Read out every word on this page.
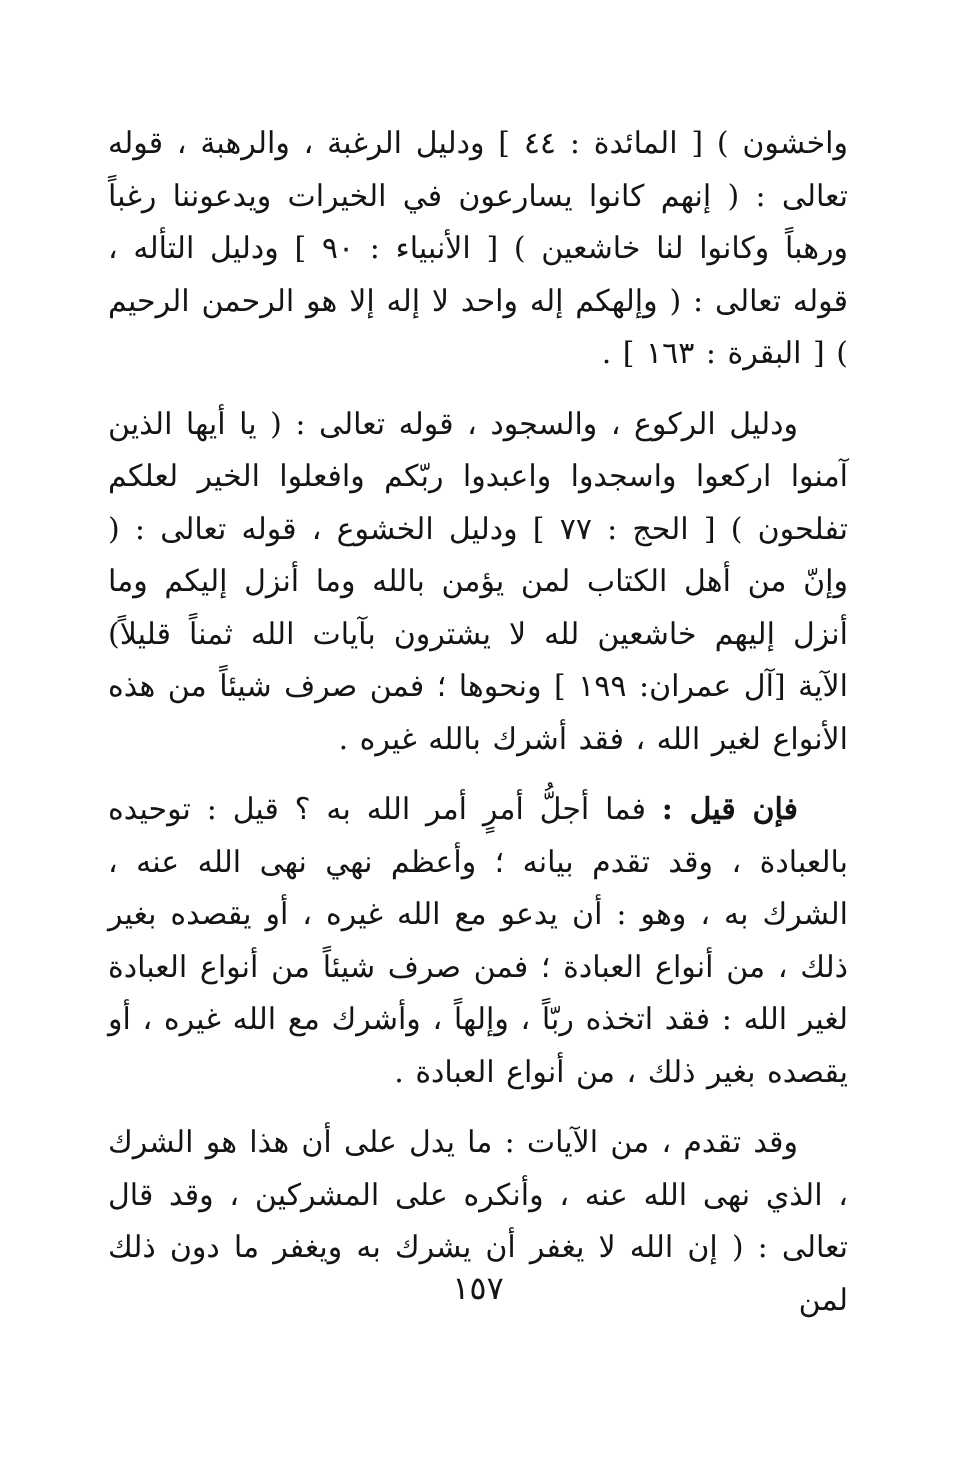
واخشون ) [ المائدة : ٤٤ ] ودليل الرغبة ، والرهبة ، قوله تعالى : ( إنهم كانوا يسارعون في الخيرات ويدعوننا رغباً ورهباً وكانوا لنا خاشعين ) [ الأنبياء : ٩٠ ] ودليل التأله ، قوله تعالى : ( وإلهكم إله واحد لا إله إلا هو الرحمن الرحيم ) [ البقرة : ١٦٣ ] .

ودليل الركوع ، والسجود ، قوله تعالى : ( يا أيها الذين آمنوا اركعوا واسجدوا واعبدوا ربّكم وافعلوا الخير لعلكم تفلحون ) [ الحج : ٧٧ ] ودليل الخشوع ، قوله تعالى : ( وإنّ من أهل الكتاب لمن يؤمن بالله وما أنزل إليكم وما أنزل إليهم خاشعين لله لا يشترون بآيات الله ثمناً قليلاً) الآية [آل عمران: ١٩٩ ] ونحوها ؛ فمن صرف شيئاً من هذه الأنواع لغير الله ، فقد أشرك بالله غيره .

فإن قيل : فما أجلُّ أمرٍ أمر الله به ؟ قيل : توحيده بالعبادة ، وقد تقدم بيانه ؛ وأعظم نهي نهى الله عنه ، الشرك به ، وهو : أن يدعو مع الله غيره ، أو يقصده بغير ذلك ، من أنواع العبادة ؛ فمن صرف شيئاً من أنواع العبادة لغير الله : فقد اتخذه ربّاً ، وإلهاً ، وأشرك مع الله غيره ، أو يقصده بغير ذلك ، من أنواع العبادة .

وقد تقدم ، من الآيات : ما يدل على أن هذا هو الشرك ، الذي نهى الله عنه ، وأنكره على المشركين ، وقد قال تعالى : ( إن الله لا يغفر أن يشرك به ويغفر ما دون ذلك لمن

١٥٧
